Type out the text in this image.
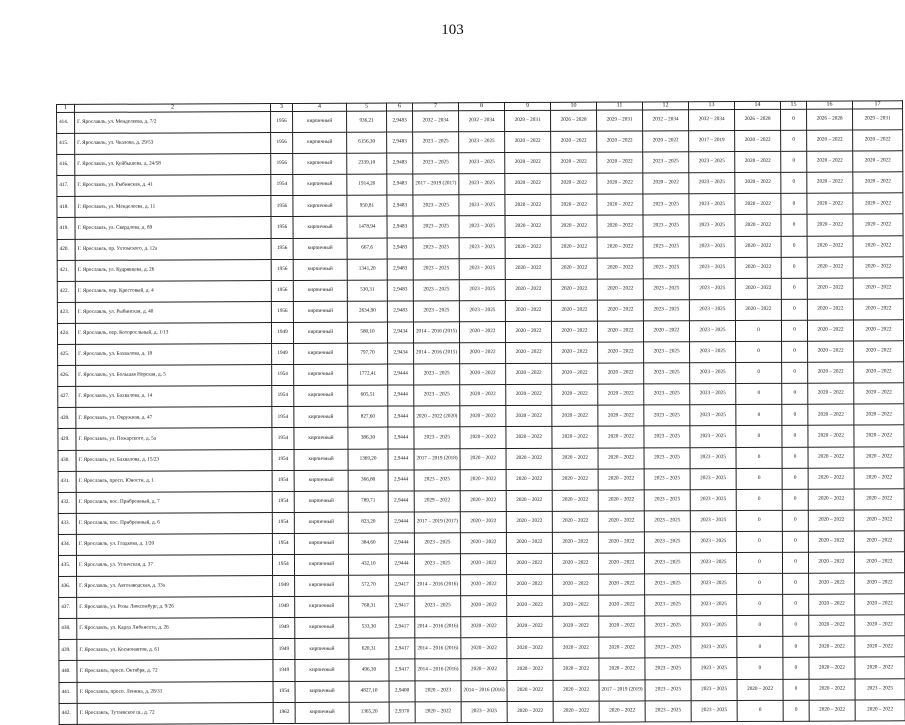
103
1	2	3	4	5	6	7	8	9	10	11	12	13	14	15	16	17
414.	Г. Ярославль, ул. Менделеева, д. 7/2	1956	кирпичный	936,21	2,9483	2032 – 2034	2032 – 2034	2029 – 2031	2026 – 2028	2029 – 2031	2032 – 2034	2032 – 2034	2026 – 2028	0	2026 – 2028	2029 – 2031
415.	Г. Ярославль, ул. Чкалова, д. 29/53	1956	кирпичный	6156,30	2,9483	2023 – 2025	2023 – 2025	2020 – 2022	2020 – 2022	2020 – 2022	2020 – 2022	2017 – 2019	2020 – 2022	0	2020 – 2022	2020 – 2022
416.	Г. Ярославль, ул. Куйбышева, д. 24/58	1956	кирпичный	2339,10	2,9483	2023 – 2025	2023 – 2025	2020 – 2022	2020 – 2022	2020 – 2022	2023 – 2025	2023 – 2025	2020 – 2022	0	2020 – 2022	2020 – 2022
417.	Г. Ярославль, ул. Рыбинская, д. 41	1954	кирпичный	1914,20	2,9483	2017 – 2019 (2017)	2023 – 2025	2020 – 2022	2020 – 2022	2020 – 2022	2020 – 2022	2023 – 2025	2020 – 2022	0	2020 – 2022	2020 – 2022
418.	Г. Ярославль, ул. Менделеева, д. 11	1956	кирпичный	950,81	2,9483	2023 – 2025	2023 – 2025	2020 – 2022	2020 – 2022	2020 – 2022	2023 – 2025	2023 – 2025	2020 – 2022	0	2020 – 2022	2020 – 2022
419.	Г. Ярославль, ул. Свердлова, д. 89	1956	кирпичный	1478,94	2,9483	2023 – 2025	2023 – 2025	2020 – 2022	2020 – 2022	2020 – 2022	2023 – 2025	2023 – 2025	2020 – 2022	0	2020 – 2022	2020 – 2022
420.	Г. Ярославль, пр. Ухтомского, д. 12а	1956	кирпичный	667,6	2,9483	2023 – 2025	2023 – 2025	2020 – 2022	2020 – 2022	2020 – 2022	2023 – 2025	2023 – 2025	2020 – 2022	0	2020 – 2022	2020 – 2022
421.	Г. Ярославль, ул. Кудрявцева, д. 26	1956	кирпичный	1341,20	2,9483	2023 – 2025	2023 – 2025	2020 – 2022	2020 – 2022	2020 – 2022	2023 – 2025	2023 – 2025	2020 – 2022	0	2020 – 2022	2020 – 2022
422.	Г. Ярославль, пер. Крестовый, д. 4	1956	кирпичный	530,31	2,9483	2023 – 2025	2023 – 2025	2020 – 2022	2020 – 2022	2020 – 2022	2023 – 2025	2023 – 2025	2020 – 2022	0	2020 – 2022	2020 – 2022
423.	Г. Ярославль, ул. Рыбинская, д. 40	1956	кирпичный	2634,90	2,9483	2023 – 2025	2023 – 2025	2020 – 2022	2020 – 2022	2020 – 2022	2023 – 2025	2023 – 2025	2020 – 2022	0	2020 – 2022	2020 – 2022
424.	Г. Ярославль, пер. Которосльный, д. 1/13	1949	кирпичный	580,10	2,9434	2014 – 2016 (2015)	2020 – 2022	2020 – 2022	2020 – 2022	2020 – 2022	2020 – 2022	2023 – 2025	0	0	2020 – 2022	2020 – 2022
425.	Г. Ярославль, ул. Бахвалова, д. 18	1949	кирпичный	797,70	2,9434	2014 – 2016 (2015)	2020 – 2022	2020 – 2022	2020 – 2022	2020 – 2022	2023 – 2025	2023 – 2025	0	0	2020 – 2022	2020 – 2022
426.	Г. Ярославль, ул. Большая Норская, д. 5	1954	кирпичный	1772,41	2,9444	2023 – 2025	2020 – 2022	2020 – 2022	2020 – 2022	2020 – 2022	2023 – 2025	2023 – 2025	0	0	2020 – 2022	2020 – 2022
427.	Г. Ярославль, ул. Бахвалова, д. 14	1954	кирпичный	605,51	2,9444	2023 – 2025	2020 – 2022	2020 – 2022	2020 – 2022	2020 – 2022	2023 – 2025	2023 – 2025	0	0	2020 – 2022	2020 – 2022
428.	Г. Ярославль, ул. Окружная, д. 47	1954	кирпичный	827,60	2,9444	2020 – 2022 (2020)	2020 – 2022	2020 – 2022	2020 – 2022	2020 – 2022	2023 – 2025	2023 – 2025	0	0	2020 – 2022	2020 – 2022
429.	Г. Ярославль, ул. Пожарского, д. 5а	1954	кирпичный	386,30	2,9444	2023 – 2025	2020 – 2022	2020 – 2022	2020 – 2022	2020 – 2022	2023 – 2025	2023 – 2025	0	0	2020 – 2022	2020 – 2022
430.	Г. Ярославль, ул. Бахвалова, д. 15/23	1954	кирпичный	1369,20	2,9444	2017 – 2019 (2018)	2020 – 2022	2020 – 2022	2020 – 2022	2020 – 2022	2023 – 2025	2023 – 2025	0	0	2020 – 2022	2020 – 2022
431.	Г. Ярославль, просп. Юности, д. 1	1954	кирпичный	366,80	2,9444	2023 – 2025	2020 – 2022	2020 – 2022	2020 – 2022	2020 – 2022	2023 – 2025	2023 – 2025	0	0	2020 – 2022	2020 – 2022
432.	Г. Ярославль, пос. Прибрежный, д. 7	1954	кирпичный	789,71	2,9444	2029 – 2022	2020 – 2022	2020 – 2022	2020 – 2022	2020 – 2022	2023 – 2025	2023 – 2025	0	0	2020 – 2022	2020 – 2022
433.	Г. Ярославль, пос. Прибрежный, д. 6	1954	кирпичный	823,20	2,9444	2017 – 2019 (2017)	2020 – 2022	2020 – 2022	2020 – 2022	2020 – 2022	2023 – 2025	2023 – 2025	0	0	2020 – 2022	2020 – 2022
434.	Г. Ярославль, ул. Гладкова, д. 1/20	1954	кирпичный	384,60	2,9444	2023 – 2025	2020 – 2022	2020 – 2022	2020 – 2022	2020 – 2022	2023 – 2025	2023 – 2025	0	0	2020 – 2022	2020 – 2022
435.	Г. Ярославль, ул. Угличская, д. 37	1954	кирпичный	432,10	2,9444	2023 – 2025	2020 – 2022	2020 – 2022	2020 – 2022	2020 – 2022	2023 – 2025	2023 – 2025	0	0	2020 – 2022	2020 – 2022
436.	Г. Ярославль, ул. Автозаводская, д. 33а	1949	кирпичный	572,70	2,9417	2014 – 2016 (2016)	2020 – 2022	2020 – 2022	2020 – 2022	2020 – 2022	2023 – 2025	2023 – 2025	0	0	2020 – 2022	2020 – 2022
437.	Г. Ярославль, ул. Розы Люксембург, д. 9/26	1949	кирпичный	768,31	2,9417	2023 – 2025	2020 – 2022	2020 – 2022	2020 – 2022	2020 – 2022	2023 – 2025	2023 – 2025	0	0	2020 – 2022	2020 – 2022
438.	Г. Ярославль, ул. Карла Либкнехта, д. 26	1949	кирпичный	533,30	2,9417	2014 – 2016 (2016)	2020 – 2022	2020 – 2022	2020 – 2022	2020 – 2022	2023 – 2025	2023 – 2025	0	0	2020 – 2022	2020 – 2022
439.	Г. Ярославль, ул. Космонавтов, д. 61	1949	кирпичный	620,31	2,9417	2014 – 2016 (2016)	2020 – 2022	2020 – 2022	2020 – 2022	2020 – 2022	2023 – 2025	2023 – 2025	0	0	2020 – 2022	2020 – 2022
440.	Г. Ярославль, просп. Октября, д. 72	1949	кирпичный	496,30	2,9417	2014 – 2016 (2016)	2020 – 2022	2020 – 2022	2020 – 2022	2020 – 2022	2023 – 2025	2023 – 2025	0	0	2020 – 2022	2020 – 2022
441.	Г. Ярославль, просп. Ленина, д. 28/31	1954	кирпичный	4827,10	2,9400	2020 – 2023	2014 – 2016 (2016)	2020 – 2022	2020 – 2022	2017 – 2019 (2019)	2023 – 2025	2023 – 2025	2020 – 2022	0	2020 – 2022	2023 – 2025
442.	Г. Ярославль, Тутаевское ш., д. 72	1962	кирпичный	1365,20	2,9370	2020 – 2022	2023 – 2025	2020 – 2022	2020 – 2022	2020 – 2022	2023 – 2025	2023 – 2025	0	0	2020 – 2022	2020 – 2022
